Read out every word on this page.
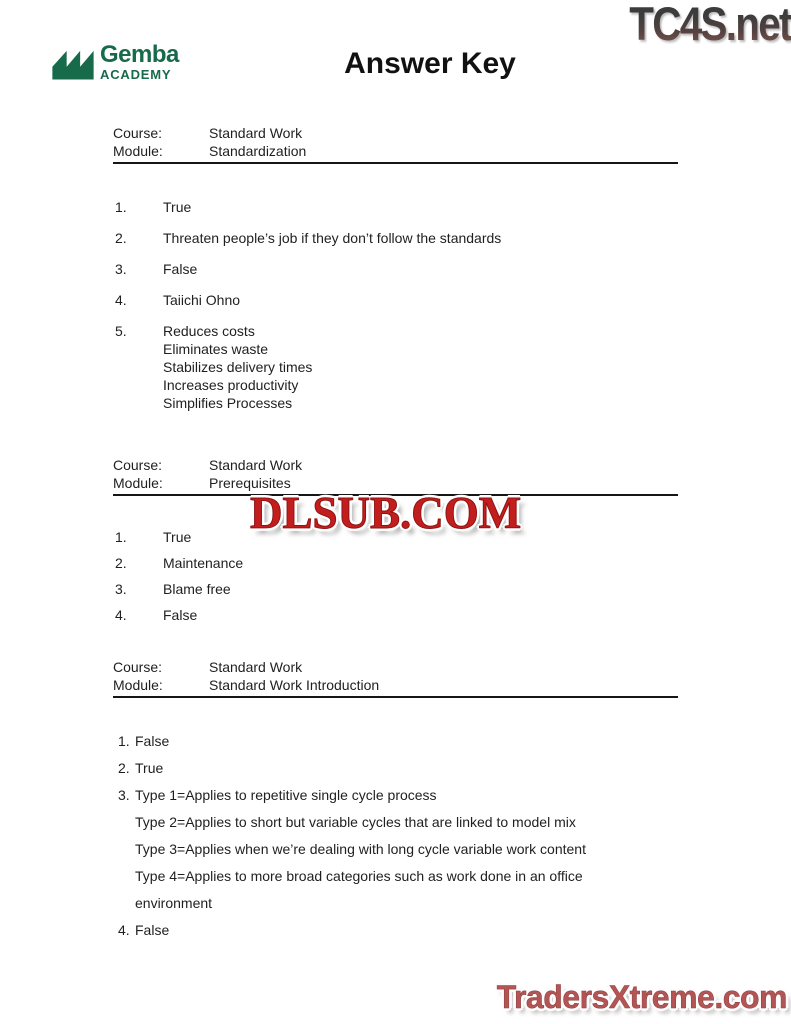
TC4S.net
Gemba
ACADEMY	Answer Key
Course:	Standard Work
Module:	Standardization
1.	True
2.	Threaten people’s job if they don’t follow the standards
3.	False
4.	Taiichi Ohno
5.	Reduces costs
Eliminates waste
Stabilizes delivery times
Increases productivity
Simplifies Processes
Course:	Standard Work
Module:	Prerequisites
1.	True
2.	Maintenance
3.	Blame free
4.	False
Course:	Standard Work
Module:	Standard Work Introduction
1. False
2. True
3. Type 1=Applies to repetitive single cycle process
Type 2=Applies to short but variable cycles that are linked to model mix
Type 3=Applies when we’re dealing with long cycle variable work content
Type 4=Applies to more broad categories such as work done in an office
environment
4. False
DLSUB.COM
TradersXtreme.com
